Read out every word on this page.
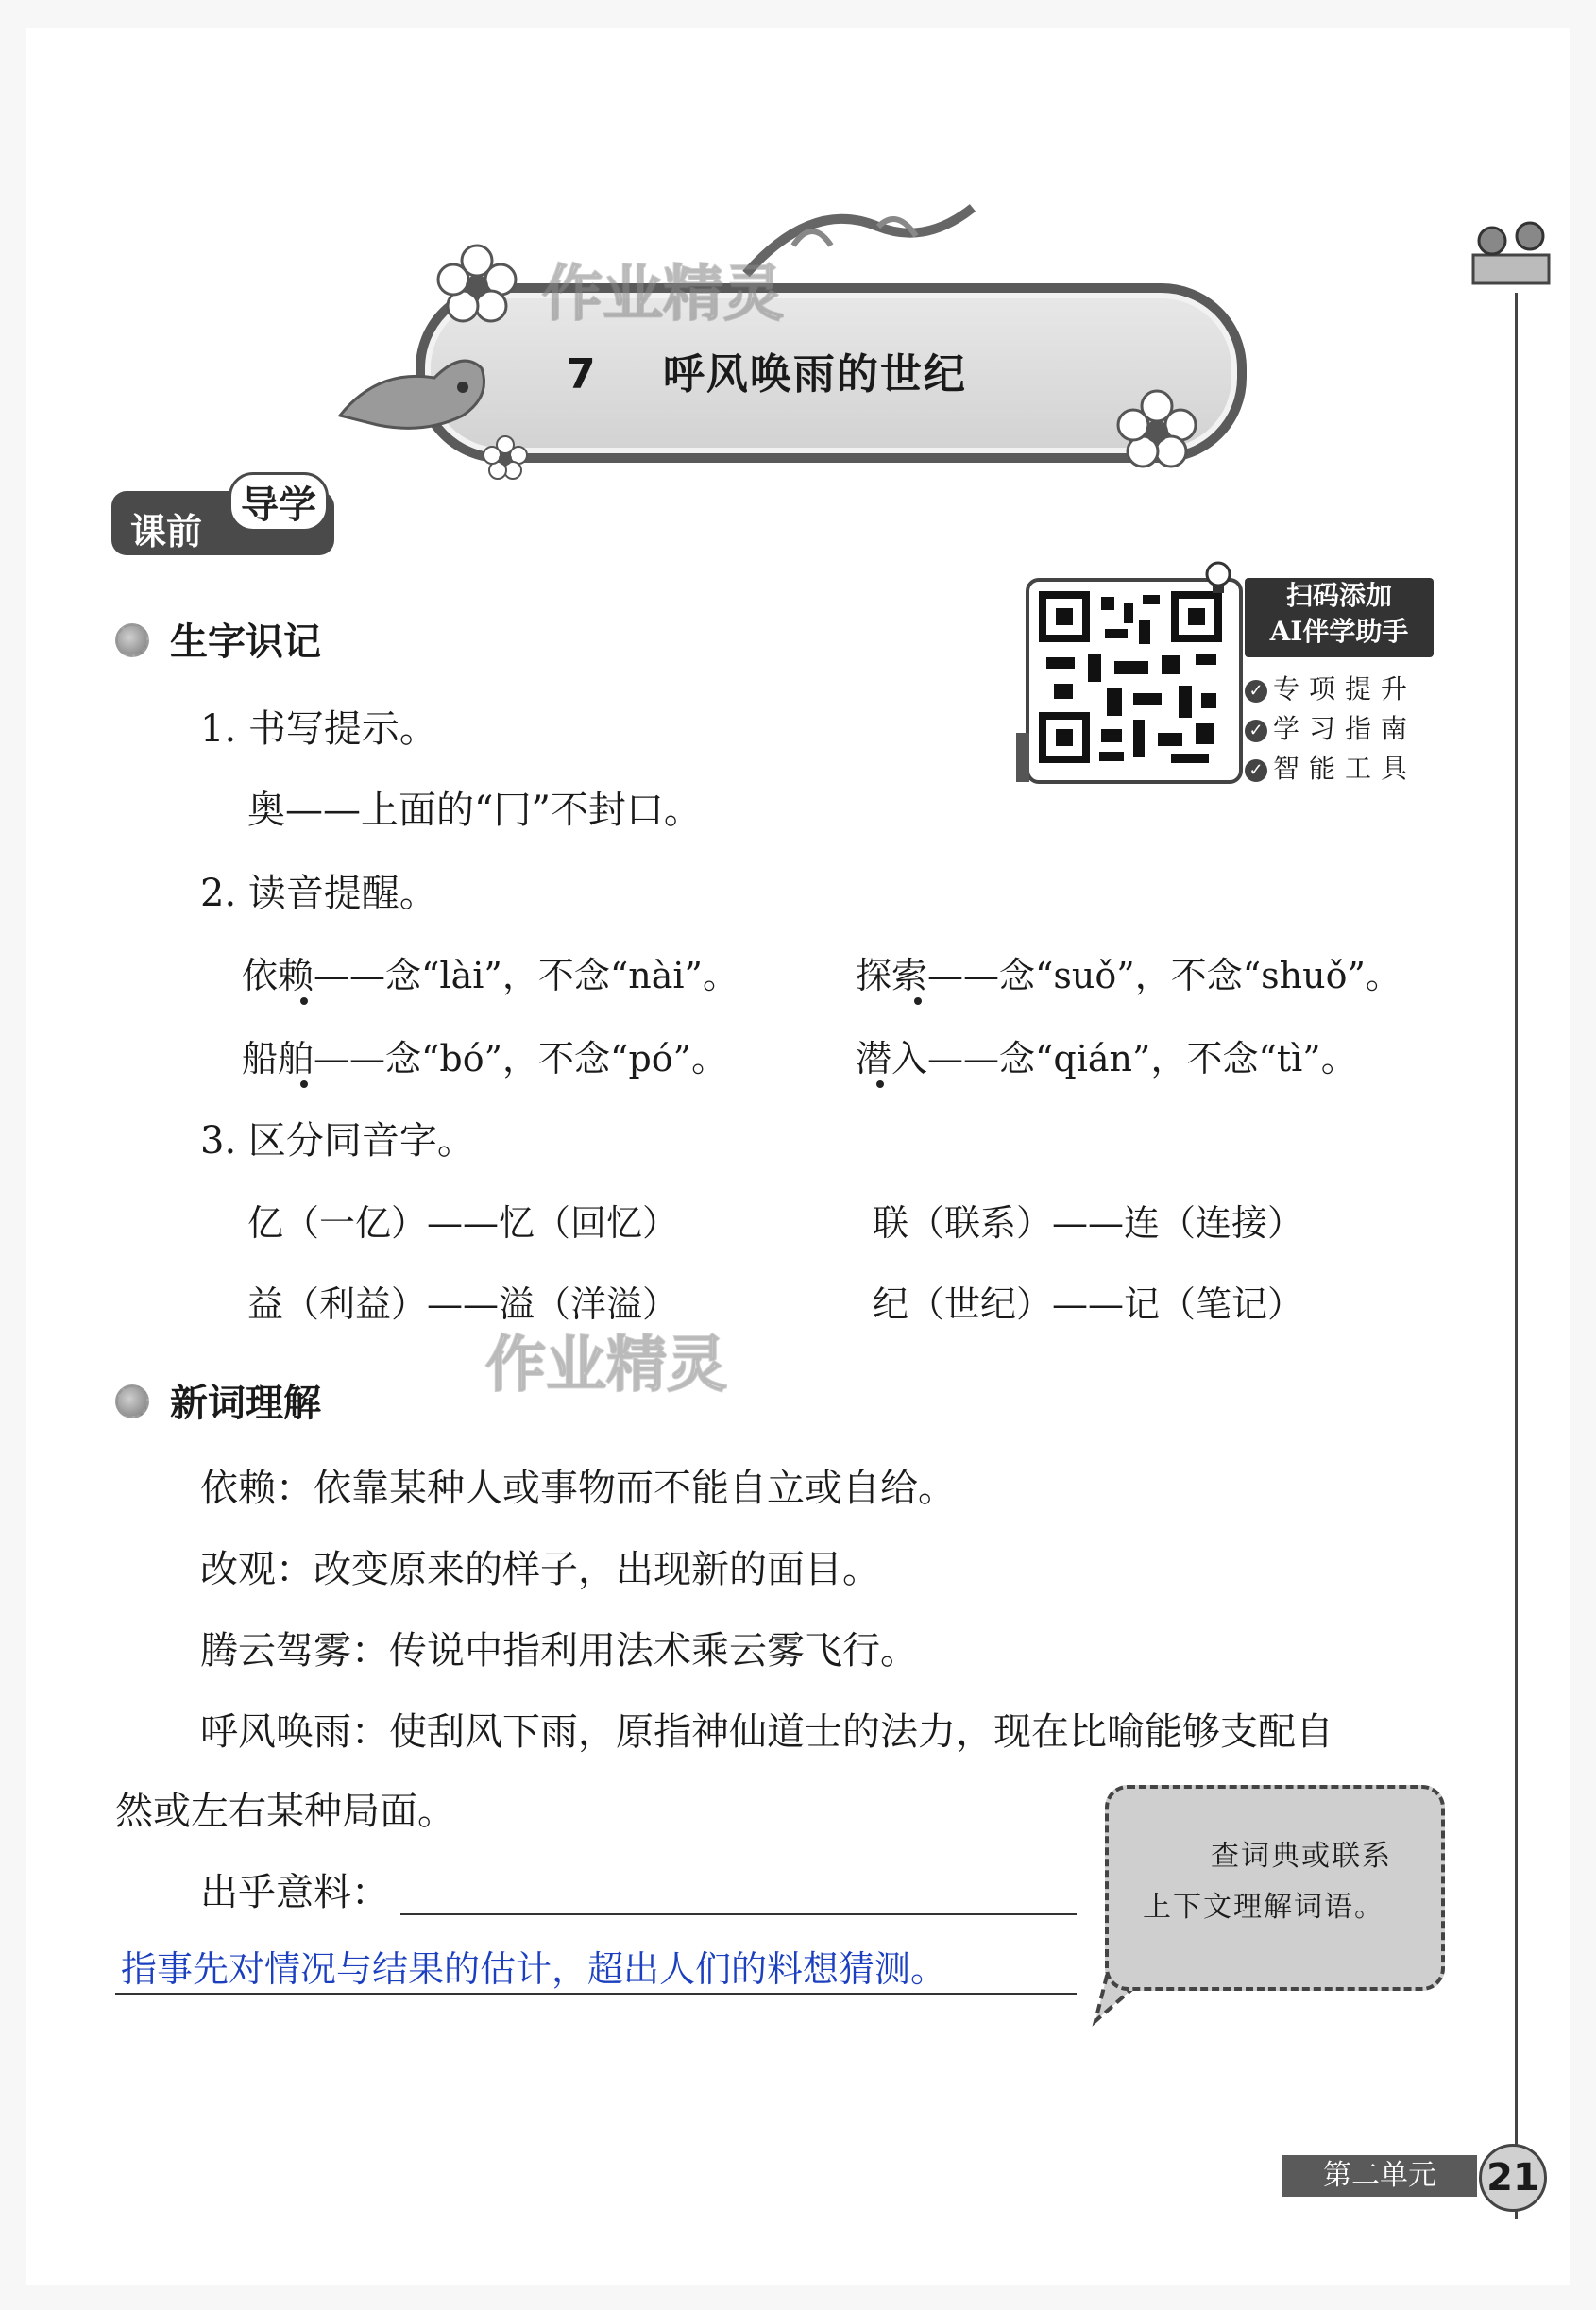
7 呼风唤雨的世纪
课前
导学
扫码添加
AI伴学助手
✓ 专项提升
✓ 学习指南
✓ 智能工具
作业精灵
作业精灵
生字识记
1. 书写提示。
奥——上面的“冂”不封口。
2. 读音提醒。
依赖——念“lài”，不念“nài”。	探索——念“suǒ”，不念“shuǒ”。
船舶——念“bó”，不念“pó”。	潜入——念“qián”，不念“tì”。
3. 区分同音字。
亿（一亿）——忆（回忆）	联（联系）——连（连接）
益（利益）——溢（洋溢）	纪（世纪）——记（笔记）
新词理解
依赖：依靠某种人或事物而不能自立或自给。
改观：改变原来的样子，出现新的面目。
腾云驾雾：传说中指利用法术乘云雾飞行。
呼风唤雨：使刮风下雨，原指神仙道士的法力，现在比喻能够支配自
然或左右某种局面。
出乎意料：
指事先对情况与结果的估计，超出人们的料想猜测。
查词典或联系
上下文理解词语。
第二单元	21
